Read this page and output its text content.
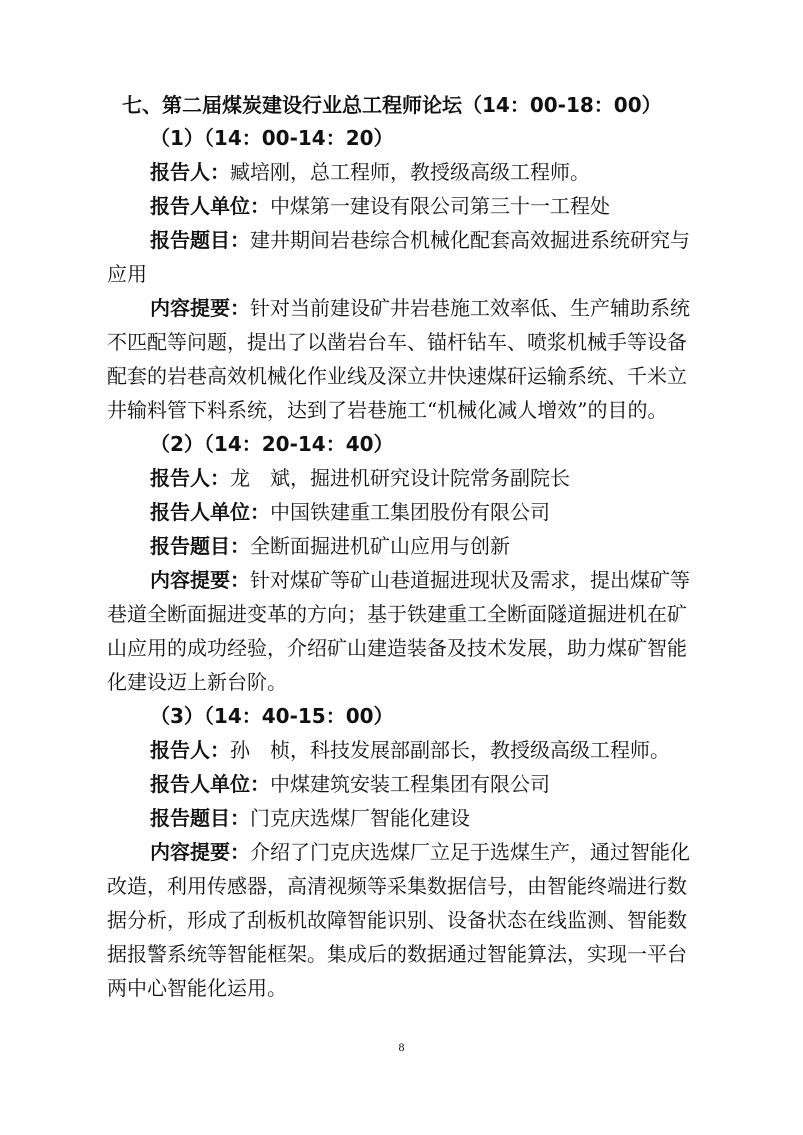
七、第二届煤炭建设行业总工程师论坛（14：00-18：00）
（1）（14：00-14：20）
报告人：臧培刚，总工程师，教授级高级工程师。
报告人单位：中煤第一建设有限公司第三十一工程处
报告题目：建井期间岩巷综合机械化配套高效掘进系统研究与
应用
内容提要：针对当前建设矿井岩巷施工效率低、生产辅助系统
不匹配等问题，提出了以凿岩台车、锚杆钻车、喷浆机械手等设备
配套的岩巷高效机械化作业线及深立井快速煤矸运输系统、千米立
井输料管下料系统，达到了岩巷施工“机械化减人增效”的目的。
（2）（14：20-14：40）
报告人：龙　斌，掘进机研究设计院常务副院长
报告人单位：中国铁建重工集团股份有限公司
报告题目：全断面掘进机矿山应用与创新
内容提要：针对煤矿等矿山巷道掘进现状及需求，提出煤矿等
巷道全断面掘进变革的方向；基于铁建重工全断面隧道掘进机在矿
山应用的成功经验，介绍矿山建造装备及技术发展，助力煤矿智能
化建设迈上新台阶。
（3）（14：40-15：00）
报告人：孙　桢，科技发展部副部长，教授级高级工程师。
报告人单位：中煤建筑安装工程集团有限公司
报告题目：门克庆选煤厂智能化建设
内容提要：介绍了门克庆选煤厂立足于选煤生产，通过智能化
改造，利用传感器，高清视频等采集数据信号，由智能终端进行数
据分析，形成了刮板机故障智能识别、设备状态在线监测、智能数
据报警系统等智能框架。集成后的数据通过智能算法，实现一平台
两中心智能化运用。
8
